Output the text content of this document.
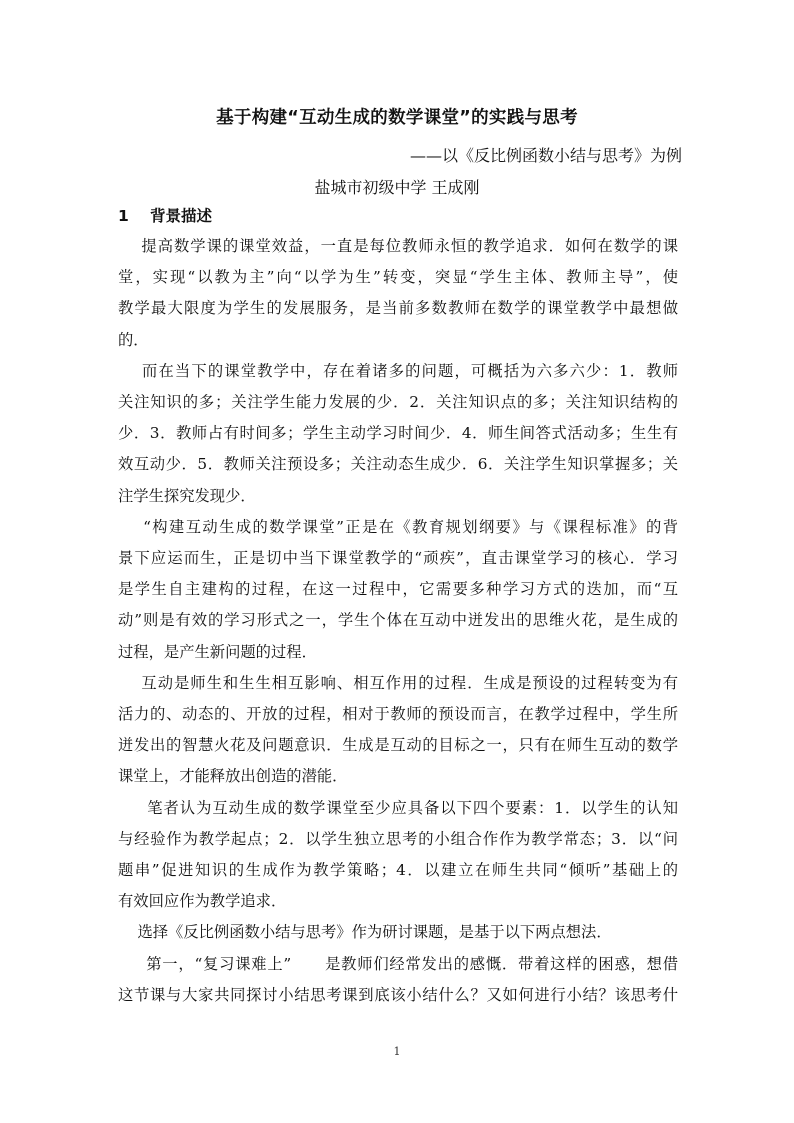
基于构建“互动生成的数学课堂”的实践与思考
——以《反比例函数小结与思考》为例
盐城市初级中学 王成刚
1 背景描述
提高数学课的课堂效益，一直是每位教师永恒的教学追求．如何在数学的课
堂，实现“以教为主”向“以学为生”转变，突显“学生主体、教师主导”，使
教学最大限度为学生的发展服务，是当前多数教师在数学的课堂教学中最想做
的．
而在当下的课堂教学中，存在着诸多的问题，可概括为六多六少：1．教师
关注知识的多；关注学生能力发展的少．2．关注知识点的多；关注知识结构的
少．3．教师占有时间多；学生主动学习时间少．4．师生间答式活动多；生生有
效互动少．5．教师关注预设多；关注动态生成少．6．关注学生知识掌握多；关
注学生探究发现少．
“构建互动生成的数学课堂”正是在《教育规划纲要》与《课程标准》的背
景下应运而生，正是切中当下课堂教学的“顽疾”，直击课堂学习的核心．学习
是学生自主建构的过程，在这一过程中，它需要多种学习方式的迭加，而“互
动”则是有效的学习形式之一，学生个体在互动中迸发出的思维火花，是生成的
过程，是产生新问题的过程．
互动是师生和生生相互影响、相互作用的过程．生成是预设的过程转变为有
活力的、动态的、开放的过程，相对于教师的预设而言，在教学过程中，学生所
迸发出的智慧火花及问题意识．生成是互动的目标之一，只有在师生互动的数学
课堂上，才能释放出创造的潜能．
笔者认为互动生成的数学课堂至少应具备以下四个要素：1．以学生的认知
与经验作为教学起点；2．以学生独立思考的小组合作作为教学常态；3．以“问
题串”促进知识的生成作为教学策略；4．以建立在师生共同“倾听”基础上的
有效回应作为教学追求．
选择《反比例函数小结与思考》作为研讨课题，是基于以下两点想法．
第一，“复习课难上”      是教师们经常发出的感慨．带着这样的困惑，想借
这节课与大家共同探讨小结思考课到底该小结什么？又如何进行小结？该思考什
1
